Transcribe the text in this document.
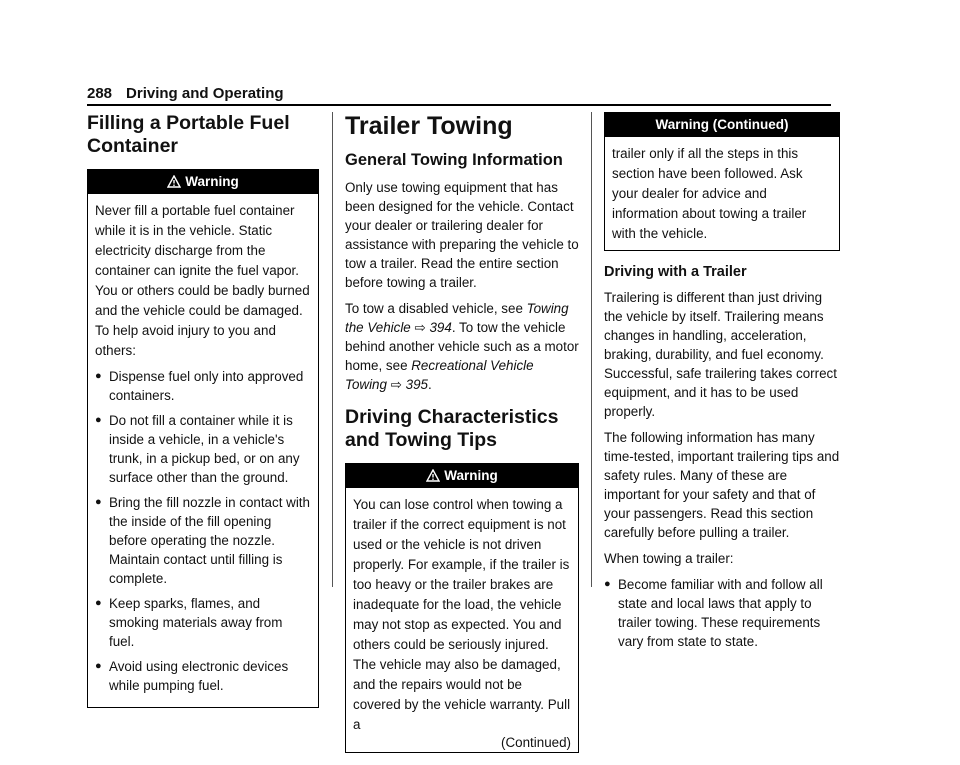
288 Driving and Operating
Filling a Portable Fuel Container
Warning

Never fill a portable fuel container while it is in the vehicle. Static electricity discharge from the container can ignite the fuel vapor. You or others could be badly burned and the vehicle could be damaged. To help avoid injury to you and others:

● Dispense fuel only into approved containers.
● Do not fill a container while it is inside a vehicle, in a vehicle's trunk, in a pickup bed, or on any surface other than the ground.
● Bring the fill nozzle in contact with the inside of the fill opening before operating the nozzle. Maintain contact until filling is complete.
● Keep sparks, flames, and smoking materials away from fuel.
● Avoid using electronic devices while pumping fuel.
Trailer Towing
General Towing Information

Only use towing equipment that has been designed for the vehicle. Contact your dealer or trailering dealer for assistance with preparing the vehicle to tow a trailer. Read the entire section before towing a trailer.

To tow a disabled vehicle, see Towing the Vehicle ⇨ 394. To tow the vehicle behind another vehicle such as a motor home, see Recreational Vehicle Towing ⇨ 395.

Driving Characteristics and Towing Tips
Warning

You can lose control when towing a trailer if the correct equipment is not used or the vehicle is not driven properly. For example, if the trailer is too heavy or the trailer brakes are inadequate for the load, the vehicle may not stop as expected. You and others could be seriously injured. The vehicle may also be damaged, and the repairs would not be covered by the vehicle warranty. Pull a

(Continued)
Warning (Continued)

trailer only if all the steps in this section have been followed. Ask your dealer for advice and information about towing a trailer with the vehicle.

Driving with a Trailer

Trailering is different than just driving the vehicle by itself. Trailering means changes in handling, acceleration, braking, durability, and fuel economy. Successful, safe trailering takes correct equipment, and it has to be used properly.

The following information has many time-tested, important trailering tips and safety rules. Many of these are important for your safety and that of your passengers. Read this section carefully before pulling a trailer.

When towing a trailer:

● Become familiar with and follow all state and local laws that apply to trailer towing. These requirements vary from state to state.
